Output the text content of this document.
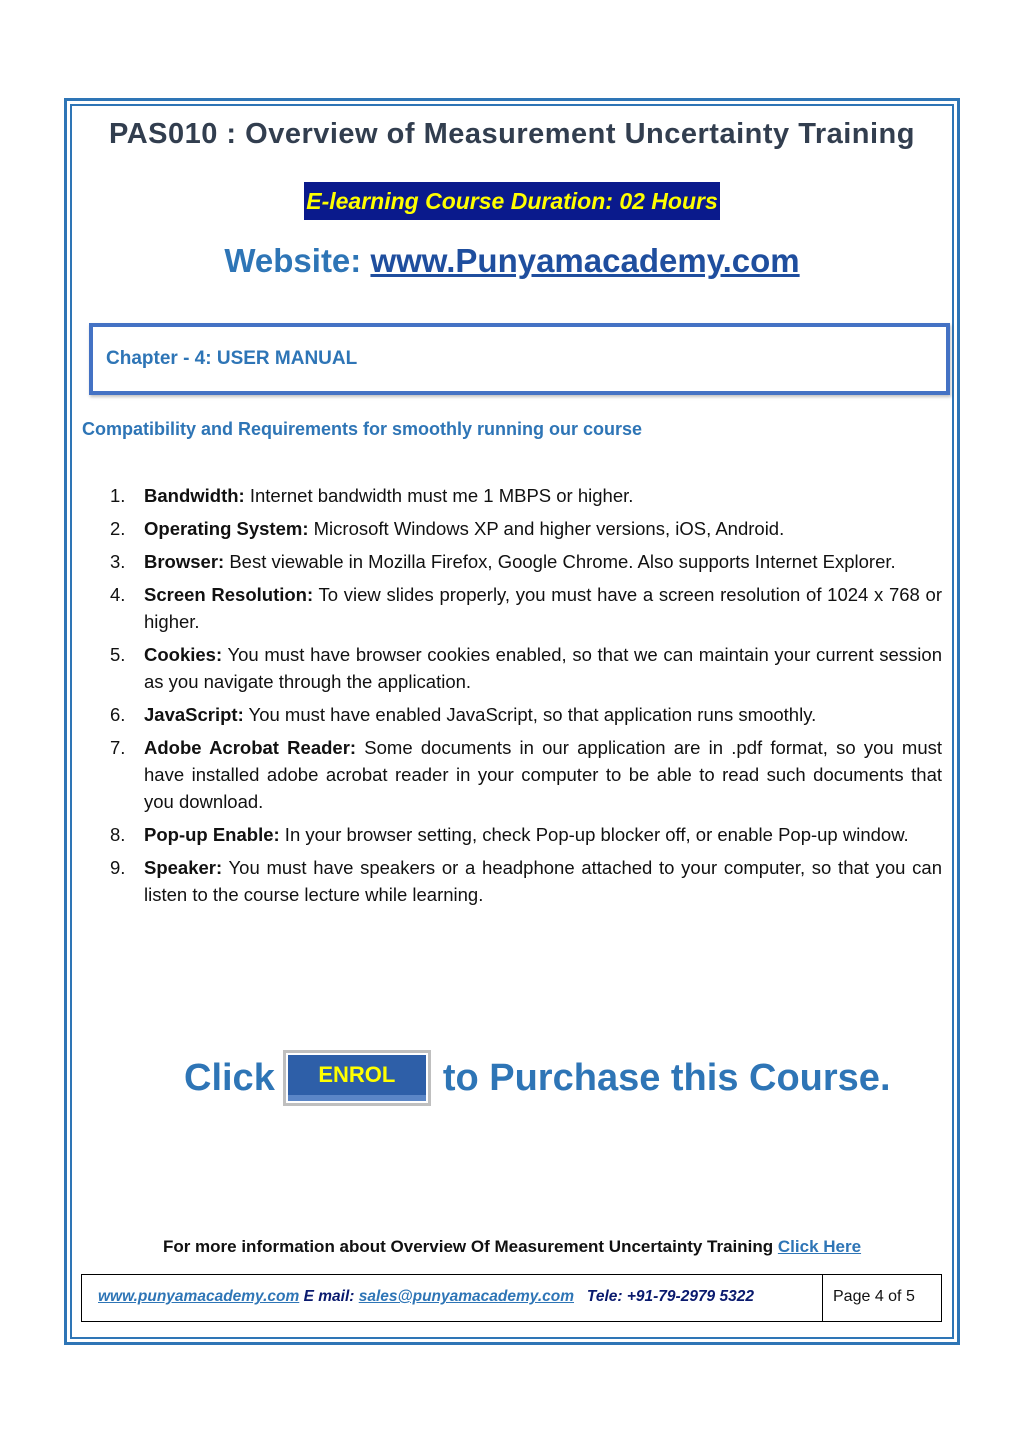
PAS010 : Overview of Measurement Uncertainty Training
E-learning Course Duration: 02 Hours
Website: www.Punyamacademy.com
Chapter - 4: USER MANUAL
Compatibility and Requirements for smoothly running our course
1.	Bandwidth: Internet bandwidth must me 1 MBPS or higher.
2.	Operating System: Microsoft Windows XP and higher versions, iOS, Android.
3.	Browser: Best viewable in Mozilla Firefox, Google Chrome. Also supports Internet Explorer.
4.	Screen Resolution: To view slides properly, you must have a screen resolution of 1024 x 768 or higher.
5.	Cookies: You must have browser cookies enabled, so that we can maintain your current session as you navigate through the application.
6.	JavaScript: You must have enabled JavaScript, so that application runs smoothly.
7.	Adobe Acrobat Reader: Some documents in our application are in .pdf format, so you must have installed adobe acrobat reader in your computer to be able to read such documents that you download.
8.	Pop-up Enable: In your browser setting, check Pop-up blocker off, or enable Pop-up window.
9.	Speaker: You must have speakers or a headphone attached to your computer, so that you can listen to the course lecture while learning.
Click	ENROL	to Purchase this Course.
For more information about Overview Of Measurement Uncertainty Training Click Here
www.punyamacademy.com E mail: sales@punyamacademy.com   Tele: +91-79-2979 5322	Page 4 of 5
